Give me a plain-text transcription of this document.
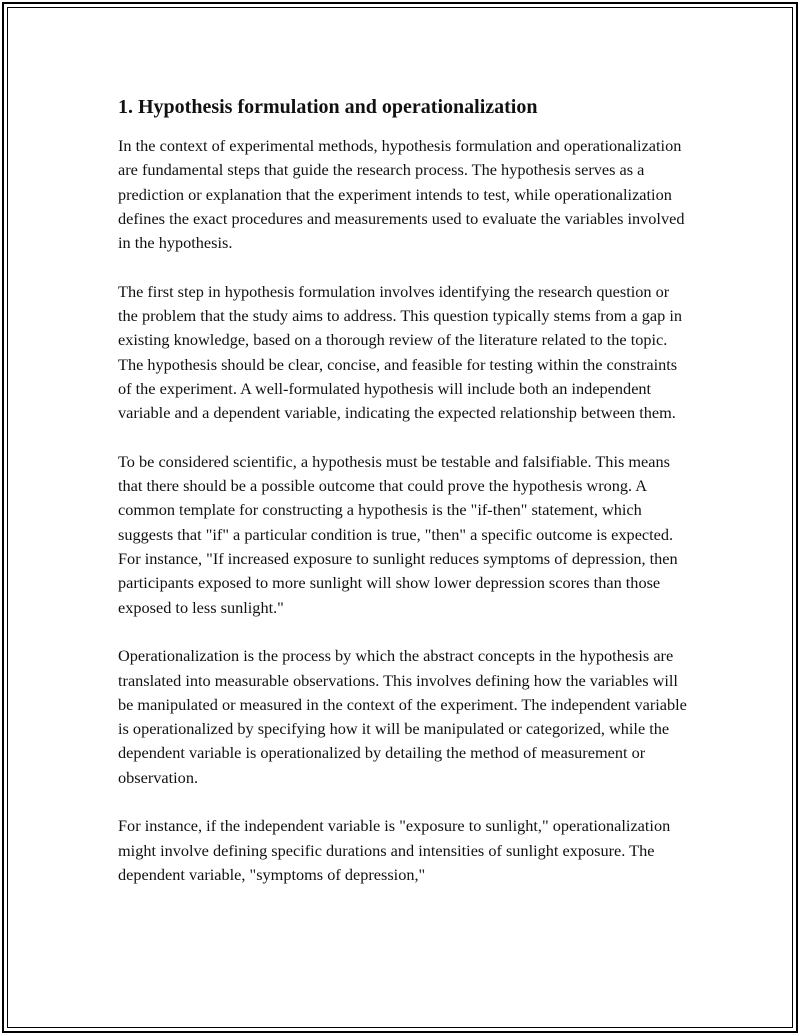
1. Hypothesis formulation and operationalization

In the context of experimental methods, hypothesis formulation and operationalization are fundamental steps that guide the research process. The hypothesis serves as a prediction or explanation that the experiment intends to test, while operationalization defines the exact procedures and measurements used to evaluate the variables involved in the hypothesis.

The first step in hypothesis formulation involves identifying the research question or the problem that the study aims to address. This question typically stems from a gap in existing knowledge, based on a thorough review of the literature related to the topic. The hypothesis should be clear, concise, and feasible for testing within the constraints of the experiment. A well-formulated hypothesis will include both an independent variable and a dependent variable, indicating the expected relationship between them.

To be considered scientific, a hypothesis must be testable and falsifiable. This means that there should be a possible outcome that could prove the hypothesis wrong. A common template for constructing a hypothesis is the "if-then" statement, which suggests that "if" a particular condition is true, "then" a specific outcome is expected. For instance, "If increased exposure to sunlight reduces symptoms of depression, then participants exposed to more sunlight will show lower depression scores than those exposed to less sunlight."

Operationalization is the process by which the abstract concepts in the hypothesis are translated into measurable observations. This involves defining how the variables will be manipulated or measured in the context of the experiment. The independent variable is operationalized by specifying how it will be manipulated or categorized, while the dependent variable is operationalized by detailing the method of measurement or observation.

For instance, if the independent variable is "exposure to sunlight," operationalization might involve defining specific durations and intensities of sunlight exposure. The dependent variable, "symptoms of depression,"
